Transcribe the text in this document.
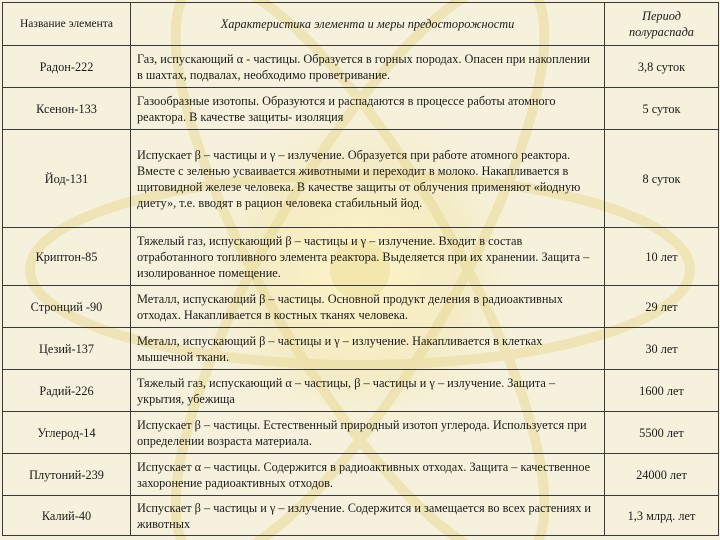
Название элемента	Характеристика элемента и меры предосторожности	Период полураспада
Радон-222	Газ, испускающий α - частицы. Образуется в горных породах. Опасен при накоплении в шахтах, подвалах, необходимо проветривание.	3,8 суток
Ксенон-133	Газообразные изотопы. Образуются и распадаются в процессе работы атомного реактора. В качестве защиты- изоляция	5 суток
Йод-131	Испускает β – частицы и γ – излучение. Образуется при работе атомного реактора. Вместе с зеленью усваивается животными и переходит в молоко. Накапливается в щитовидной железе человека. В качестве защиты от облучения применяют «йодную диету», т.е. вводят в рацион человека стабильный йод.	8 суток
Криптон-85	Тяжелый газ, испускающий β – частицы и γ – излучение. Входит в состав отработанного топливного элемента реактора. Выделяется при их хранении. Защита – изолированное помещение.	10 лет
Стронций -90	Металл, испускающий β – частицы. Основной продукт деления в радиоактивных отходах. Накапливается в костных тканях человека.	29 лет
Цезий-137	Металл, испускающий β – частицы и γ – излучение. Накапливается в клетках мышечной ткани.	30 лет
Радий-226	Тяжелый газ, испускающий α – частицы, β – частицы и γ – излучение. Защита – укрытия, убежища	1600 лет
Углерод-14	Испускает β – частицы. Естественный природный изотоп углерода. Используется при определении возраста материала.	5500 лет
Плутоний-239	Испускает α – частицы. Содержится в радиоактивных отходах. Защита – качественное захоронение радиоактивных отходов.	24000 лет
Калий-40	Испускает β – частицы и γ – излучение. Содержится и замещается во всех растениях и животных	1,3 млрд. лет
